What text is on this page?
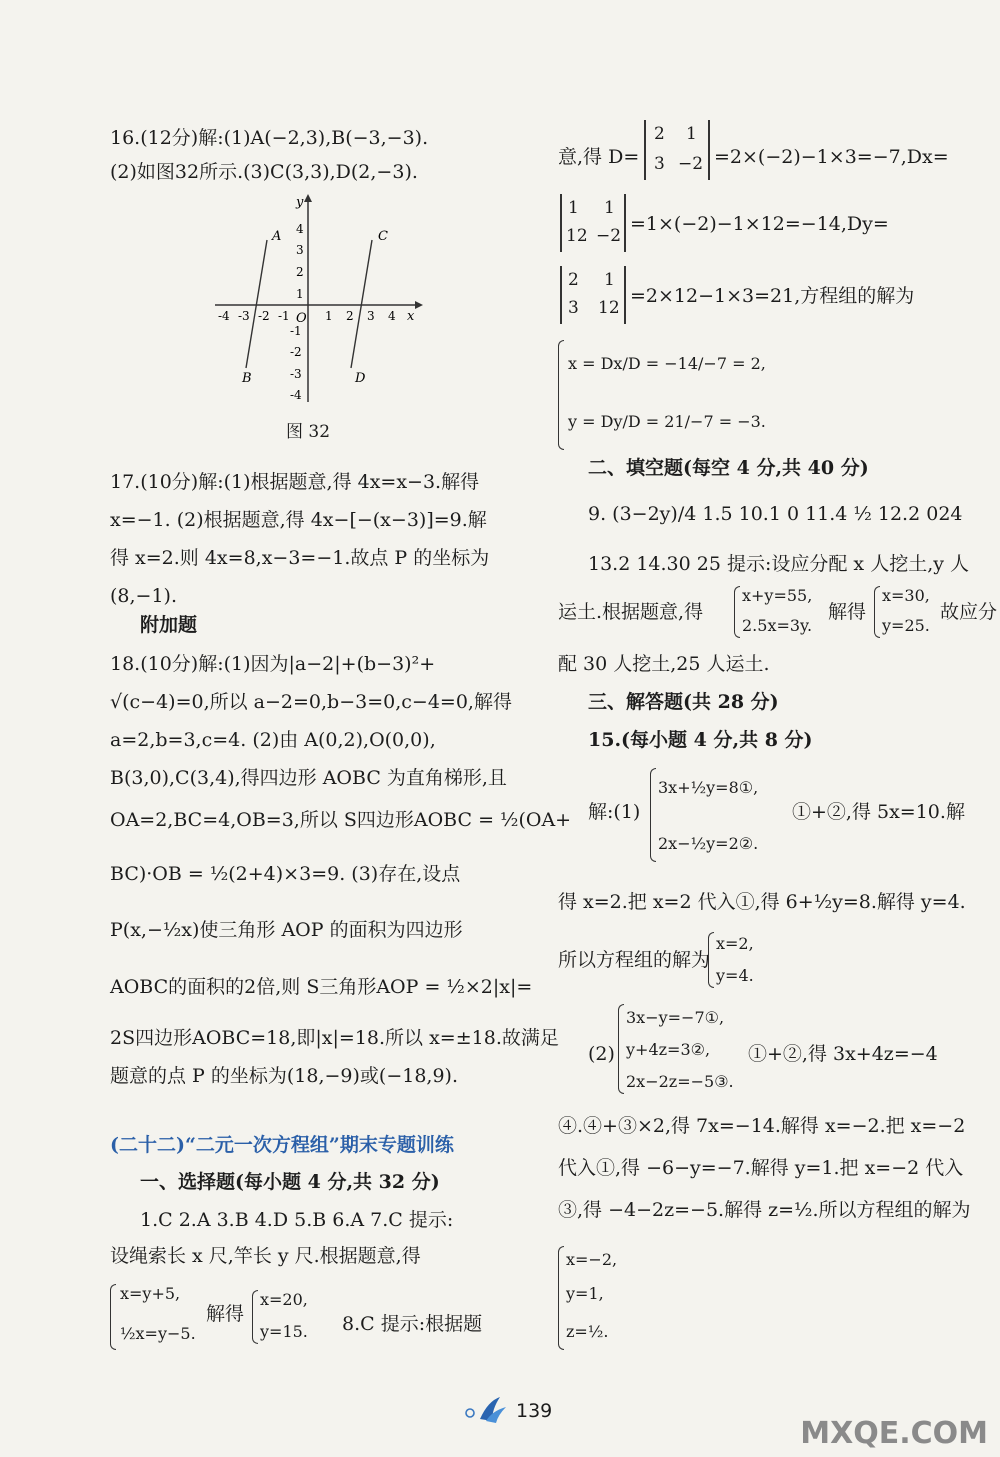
16.(12分)解:(1)A(−2,3),B(−3,−3).
(2)如图32所示.(3)C(3,3),D(2,−3).
x
y
O
4
3
2
1
-1
-2
-3
-4
-4 -3 -2 -1	1 2 3 4
A
B
C
D
图 32
17.(10分)解:(1)根据题意,得 4x=x−3.解得
x=−1. (2)根据题意,得 4x−[−(x−3)]=9.解
得 x=2.则 4x=8,x−3=−1.故点 P 的坐标为
(8,−1).
附加题
18.(10分)解:(1)因为|a−2|+(b−3)²+
√(c−4)=0,所以 a−2=0,b−3=0,c−4=0,解得
a=2,b=3,c=4. (2)由 A(0,2),O(0,0),
B(3,0),C(3,4),得四边形 AOBC 为直角梯形,且
OA=2,BC=4,OB=3,所以 S四边形AOBC = ½(OA+
BC)·OB = ½(2+4)×3=9. (3)存在,设点
P(x,−½x)使三角形 AOP 的面积为四边形
AOBC的面积的2倍,则 S三角形AOP = ½×2|x|=
2S四边形AOBC=18,即|x|=18.所以 x=±18.故满足
题意的点 P 的坐标为(18,−9)或(−18,9).
(二十二)“二元一次方程组”期末专题训练
一、选择题(每小题 4 分,共 32 分)
1.C 2.A 3.B 4.D 5.B 6.A 7.C 提示:
设绳索长 x 尺,竿长 y 尺.根据题意,得
x=y+5,
½x=y−5.
解得
x=20,
y=15. 8.C 提示:根据题
意,得 D=
2 1
3 −2 =2×(−2)−1×3=−7,Dx=
1 1
12 −2
=1×(−2)−1×12=−14,Dy=
2 1
3 12
=2×12−1×3=21,方程组的解为
x = Dx/D = −14/−7 = 2,
y = Dy/D = 21/−7 = −3.
二、填空题(每空 4 分,共 40 分)
9. (3−2y)/4 1.5 10.1 0 11.4 ½ 12.2 024
13.2 14.30 25 提示:设应分配 x 人挖土,y 人
运土.根据题意,得
x+y=55,
2.5x=3y.
解得
x=30,
y=25.
故应分
配 30 人挖土,25 人运土.
三、解答题(共 28 分)
15.(每小题 4 分,共 8 分)
解:(1)
3x+½y=8①,
2x−½y=2②.
①+②,得 5x=10.解
得 x=2.把 x=2 代入①,得 6+½y=8.解得 y=4.
所以方程组的解为
x=2,
y=4.
(2)
3x−y=−7①,
y+4z=3②,
2x−2z=−5③.
①+②,得 3x+4z=−4
④.④+③×2,得 7x=−14.解得 x=−2.把 x=−2
代入①,得 −6−y=−7.解得 y=1.把 x=−2 代入
③,得 −4−2z=−5.解得 z=½.所以方程组的解为
x=−2,
y=1,
z=½.
139
MXQE.COM
